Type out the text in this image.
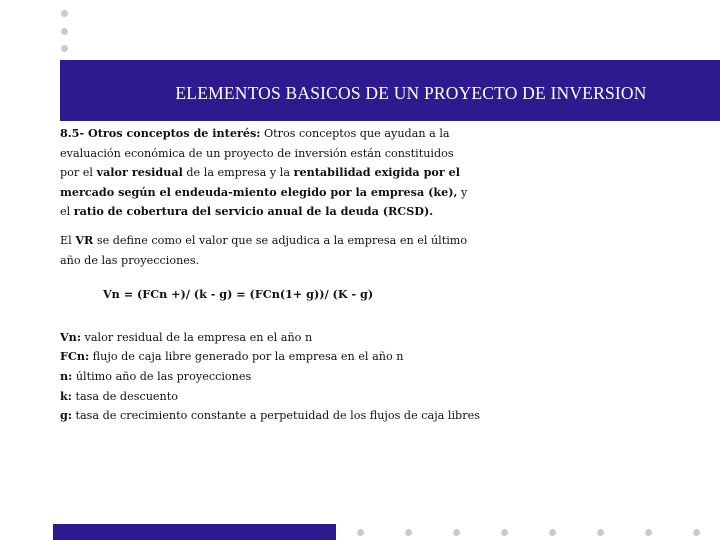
ELEMENTOS BASICOS DE UN PROYECTO DE INVERSION

8.5- Otros conceptos de interés: Otros conceptos que ayudan a la evaluación económica de un proyecto de inversión están constituidos por el valor residual de la empresa y la rentabilidad exigida por el mercado según el endeuda-miento elegido por la empresa (ke), y el ratio de cobertura del servicio anual de la deuda (RCSD).

El VR se define como el valor que se adjudica a la empresa en el último año de las proyecciones.

Vn = (FCn +)/ (k - g) = (FCn(1+ g))/ (K - g)

Vn: valor residual de la empresa en el año n

FCn: flujo de caja libre generado por la empresa en el año n

n: último año de las proyecciones

k: tasa de descuento

g: tasa de crecimiento constante a perpetuidad de los flujos de caja libres
